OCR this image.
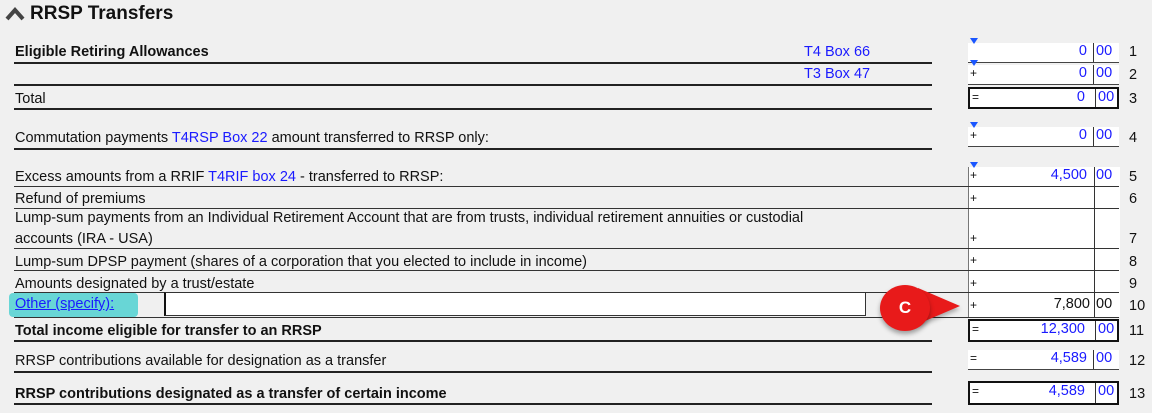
RRSP Transfers
Eligible Retiring Allowances	T4 Box 66	0 00 1
T3 Box 47	+	0 00 2
Total	=	0 00 3
Commutation payments T4RSP Box 22 amount transferred to RRSP only:	+	0 00 4
Excess amounts from a RRIF T4RIF box 24 - transferred to RRSP:	+	4,500 00 5
Refund of premiums	+	6
Lump-sum payments from an Individual Retirement Account that are from trusts, individual retirement annuities or custodial
accounts (IRA - USA)	+	7
Lump-sum DPSP payment (shares of a corporation that you elected to include in income)	+	8
Amounts designated by a trust/estate	+	9
Other (specify):	+	7,800 00 10
C
Total income eligible for transfer to an RRSP	=	12,300 00 11
RRSP contributions available for designation as a transfer	=	4,589 00 12
RRSP contributions designated as a transfer of certain income	=	4,589 00 13
